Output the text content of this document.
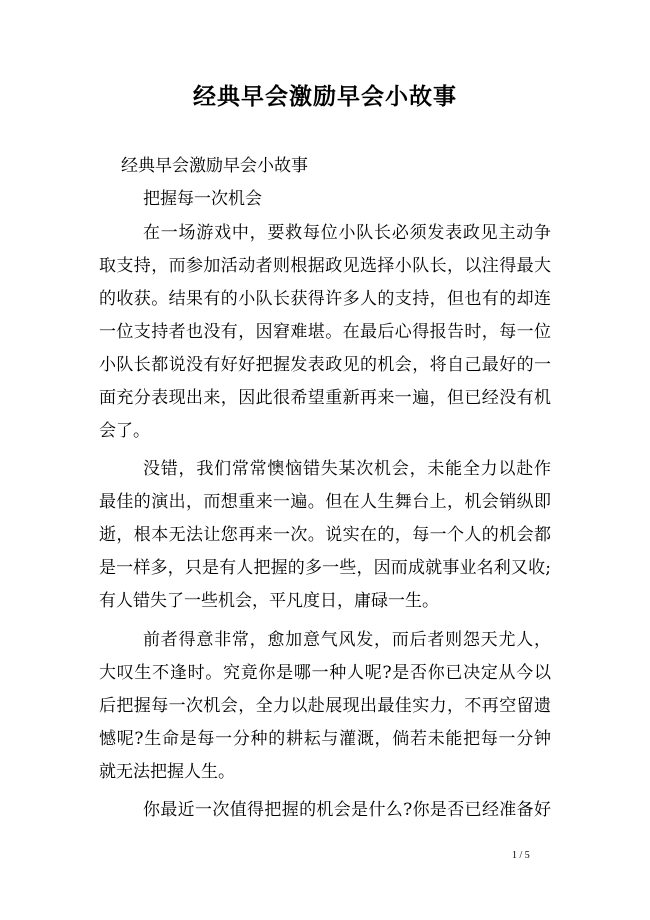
经典早会激励早会小故事
经典早会激励早会小故事
把握每一次机会
在一场游戏中，要救每位小队长必须发表政见主动争
取支持，而参加活动者则根据政见选择小队长，以注得最大
的收获。结果有的小队长获得许多人的支持，但也有的却连
一位支持者也没有，因窘难堪。在最后心得报告时，每一位
小队长都说没有好好把握发表政见的机会，将自己最好的一
面充分表现出来，因此很希望重新再来一遍，但已经没有机
会了。
没错，我们常常懊恼错失某次机会，未能全力以赴作
最佳的演出，而想重来一遍。但在人生舞台上，机会销纵即
逝，根本无法让您再来一次。说实在的，每一个人的机会都
是一样多，只是有人把握的多一些，因而成就事业名利又收;
有人错失了一些机会，平凡度日，庸碌一生。
前者得意非常，愈加意气风发，而后者则怨天尤人，
大叹生不逢时。究竟你是哪一种人呢?是否你已决定从今以
后把握每一次机会，全力以赴展现出最佳实力，不再空留遗
憾呢?生命是每一分种的耕耘与灌溉，倘若未能把每一分钟
就无法把握人生。
你最近一次值得把握的机会是什么?你是否已经准备好
1 / 5
